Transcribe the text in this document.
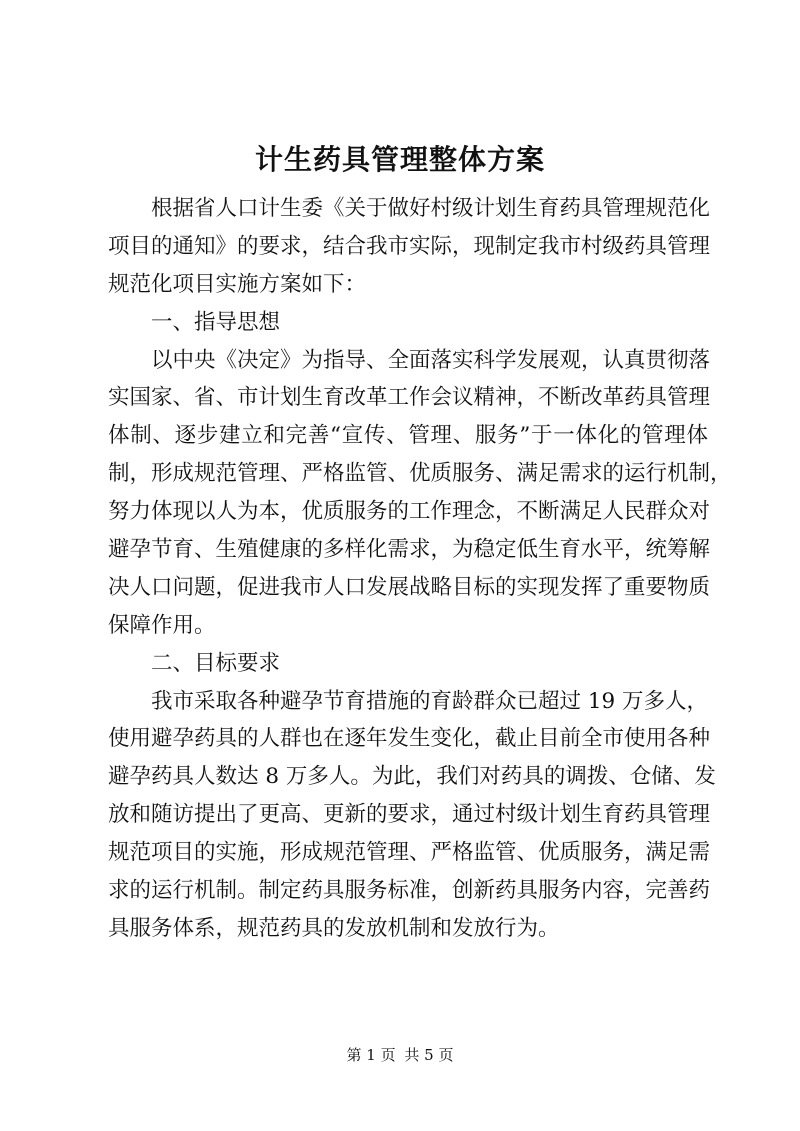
计生药具管理整体方案
根据省人口计生委《关于做好村级计划生育药具管理规范化
项目的通知》的要求，结合我市实际，现制定我市村级药具管理
规范化项目实施方案如下：
一、指导思想
以中央《决定》为指导、全面落实科学发展观，认真贯彻落
实国家、省、市计划生育改革工作会议精神，不断改革药具管理
体制、逐步建立和完善“宣传、管理、服务”于一体化的管理体
制，形成规范管理、严格监管、优质服务、满足需求的运行机制，
努力体现以人为本，优质服务的工作理念，不断满足人民群众对
避孕节育、生殖健康的多样化需求，为稳定低生育水平，统筹解
决人口问题，促进我市人口发展战略目标的实现发挥了重要物质
保障作用。
二、目标要求
我市采取各种避孕节育措施的育龄群众已超过 19 万多人，
使用避孕药具的人群也在逐年发生变化，截止目前全市使用各种
避孕药具人数达 8 万多人。为此，我们对药具的调拨、仓储、发
放和随访提出了更高、更新的要求，通过村级计划生育药具管理
规范项目的实施，形成规范管理、严格监管、优质服务，满足需
求的运行机制。制定药具服务标准，创新药具服务内容，完善药
具服务体系，规范药具的发放机制和发放行为。
第 1 页 共 5 页
